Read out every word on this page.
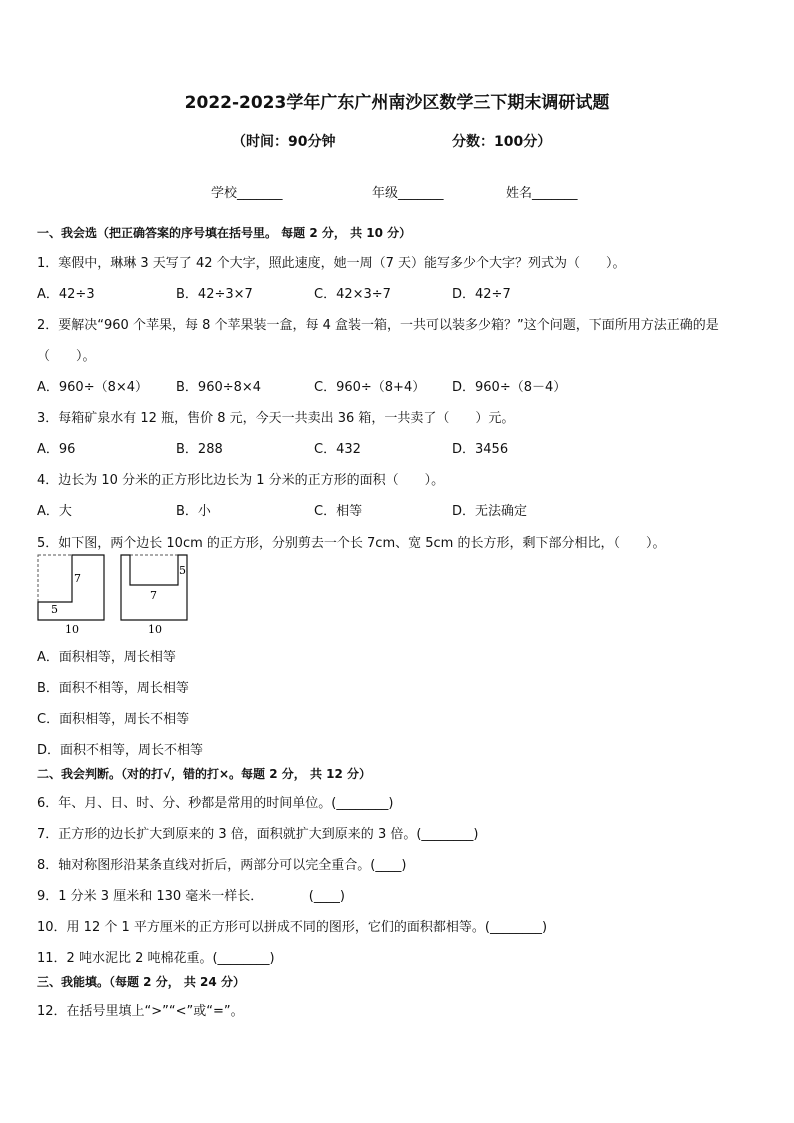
2022-2023学年广东广州南沙区数学三下期末调研试题
（时间：90分钟	分数：100分）
学校_______	年级_______	姓名_______
一、我会选（把正确答案的序号填在括号里。 每题 2 分， 共 10 分）
1．寒假中，琳琳 3 天写了 42 个大字，照此速度，她一周（7 天）能写多少个大字？列式为（　　）。
A．42÷3	B．42÷3×7	C．42×3÷7	D．42÷7
2．要解决“960 个苹果，每 8 个苹果装一盒，每 4 盒装一箱，一共可以装多少箱？”这个问题，下面所用方法正确的是
（　　）。
A．960÷（8×4） B．960÷8×4	C．960÷（8+4） D．960÷（8－4）
3．每箱矿泉水有 12 瓶，售价 8 元，今天一共卖出 36 箱，一共卖了（　　）元。
A．96	B．288	C．432	D．3456
4．边长为 10 分米的正方形比边长为 1 分米的正方形的面积（　　）。
A．大	B．小	C．相等	D．无法确定
5．如下图，两个边长 10cm 的正方形，分别剪去一个长 7cm、宽 5cm 的长方形，剩下部分相比，（　　）。
7
5
10
5
7
10
A．面积相等，周长相等
B．面积不相等，周长相等
C．面积相等，周长不相等
D．面积不相等，周长不相等
二、我会判断。（对的打√，错的打×。每题 2 分， 共 12 分）
6．年、月、日、时、分、秒都是常用的时间单位。(________)
7．正方形的边长扩大到原来的 3 倍，面积就扩大到原来的 3 倍。(________)
8．轴对称图形沿某条直线对折后，两部分可以完全重合。(____)
9．1 分米 3 厘米和 130 毫米一样长．　　　　(____)
10．用 12 个 1 平方厘米的正方形可以拼成不同的图形，它们的面积都相等。(________)
11．2 吨水泥比 2 吨棉花重。(________)
三、我能填。（每题 2 分， 共 24 分）
12．在括号里填上“>”“<”或“=”。
